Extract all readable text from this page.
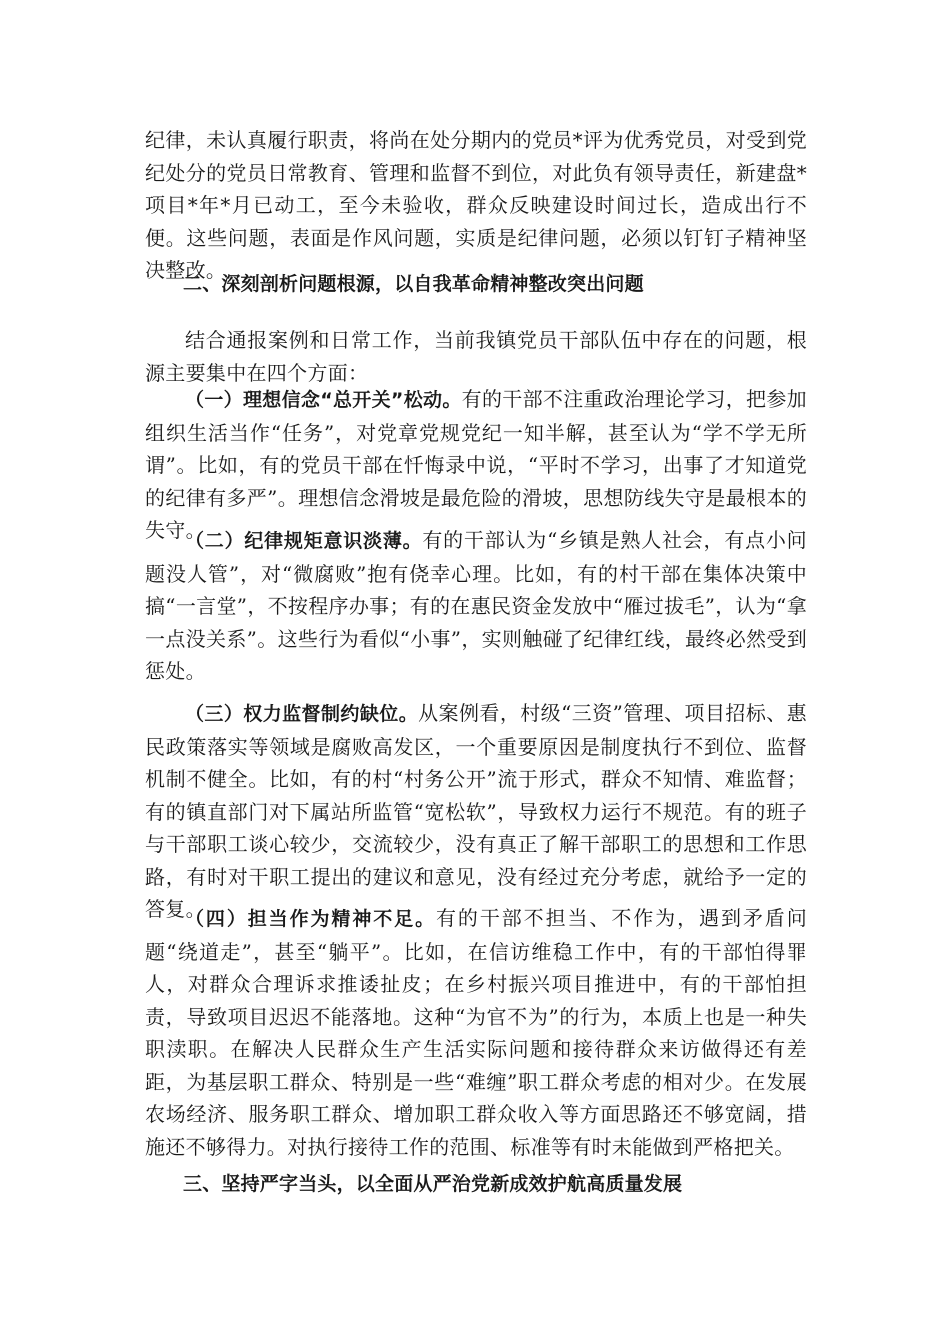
纪律，未认真履行职责，将尚在处分期内的党员*评为优秀党员，对受到党纪处分的党员日常教育、管理和监督不到位，对此负有领导责任，新建盘*项目*年*月已动工，至今未验收，群众反映建设时间过长，造成出行不便。这些问题，表面是作风问题，实质是纪律问题，必须以钉钉子精神坚决整改。

二、深刻剖析问题根源，以自我革命精神整改突出问题

结合通报案例和日常工作，当前我镇党员干部队伍中存在的问题，根源主要集中在四个方面：

（一）理想信念“总开关”松动。有的干部不注重政治理论学习，把参加组织生活当作“任务”，对党章党规党纪一知半解，甚至认为“学不学无所谓”。比如，有的党员干部在忏悔录中说，“平时不学习，出事了才知道党的纪律有多严”。理想信念滑坡是最危险的滑坡，思想防线失守是最根本的失守。

（二）纪律规矩意识淡薄。有的干部认为“乡镇是熟人社会，有点小问题没人管”，对“微腐败”抱有侥幸心理。比如，有的村干部在集体决策中搞“一言堂”，不按程序办事；有的在惠民资金发放中“雁过拔毛”，认为“拿一点没关系”。这些行为看似“小事”，实则触碰了纪律红线，最终必然受到惩处。

（三）权力监督制约缺位。从案例看，村级“三资”管理、项目招标、惠民政策落实等领域是腐败高发区，一个重要原因是制度执行不到位、监督机制不健全。比如，有的村“村务公开”流于形式，群众不知情、难监督；有的镇直部门对下属站所监管“宽松软”，导致权力运行不规范。有的班子与干部职工谈心较少，交流较少，没有真正了解干部职工的思想和工作思路，有时对干职工提出的建议和意见，没有经过充分考虑，就给予一定的答复。

（四）担当作为精神不足。有的干部不担当、不作为，遇到矛盾问题“绕道走”，甚至“躺平”。比如，在信访维稳工作中，有的干部怕得罪人，对群众合理诉求推诿扯皮；在乡村振兴项目推进中，有的干部怕担责，导致项目迟迟不能落地。这种“为官不为”的行为，本质上也是一种失职渎职。在解决人民群众生产生活实际问题和接待群众来访做得还有差距，为基层职工群众、特别是一些“难缠”职工群众考虑的相对少。在发展农场经济、服务职工群众、增加职工群众收入等方面思路还不够宽阔，措施还不够得力。对执行接待工作的范围、标准等有时未能做到严格把关。

三、坚持严字当头，以全面从严治党新成效护航高质量发展
